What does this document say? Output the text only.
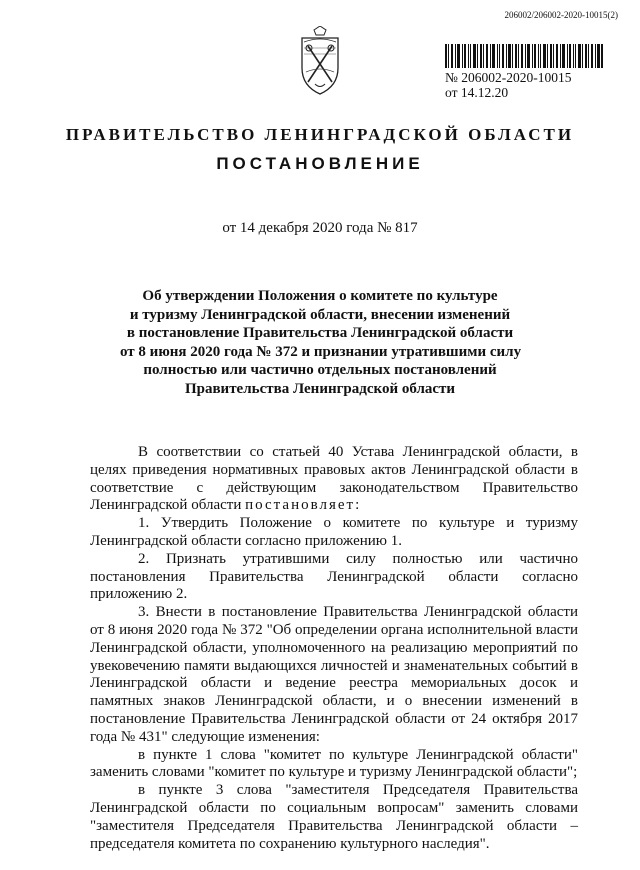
206002/206002-2020-10015(2)
№ 206002-2020-10015
от 14.12.20
ПРАВИТЕЛЬСТВО ЛЕНИНГРАДСКОЙ ОБЛАСТИ
ПОСТАНОВЛЕНИЕ
от 14 декабря 2020 года № 817
Об утверждении Положения о комитете по культуре
и туризму Ленинградской области, внесении изменений
в постановление Правительства Ленинградской области
от 8 июня 2020 года № 372 и признании утратившими силу
полностью или частично отдельных постановлений
Правительства Ленинградской области

В соответствии со статьей 40 Устава Ленинградской области, в целях приведения нормативных правовых актов Ленинградской области в соответствие с действующим законодательством Правительство Ленинградской области постановляет:

1. Утвердить Положение о комитете по культуре и туризму Ленинградской области согласно приложению 1.

2. Признать утратившими силу полностью или частично постановления Правительства Ленинградской области согласно приложению 2.

3. Внести в постановление Правительства Ленинградской области от 8 июня 2020 года № 372 "Об определении органа исполнительной власти Ленинградской области, уполномоченного на реализацию мероприятий по увековечению памяти выдающихся личностей и знаменательных событий в Ленинградской области и ведение реестра мемориальных досок и памятных знаков Ленинградской области, и о внесении изменений в постановление Правительства Ленинградской области от 24 октября 2017 года № 431" следующие изменения:

в пункте 1 слова "комитет по культуре Ленинградской области" заменить словами "комитет по культуре и туризму Ленинградской области";

в пункте 3 слова "заместителя Председателя Правительства Ленинградской области по социальным вопросам" заменить словами "заместителя Председателя Правительства Ленинградской области – председателя комитета по сохранению культурного наследия".
